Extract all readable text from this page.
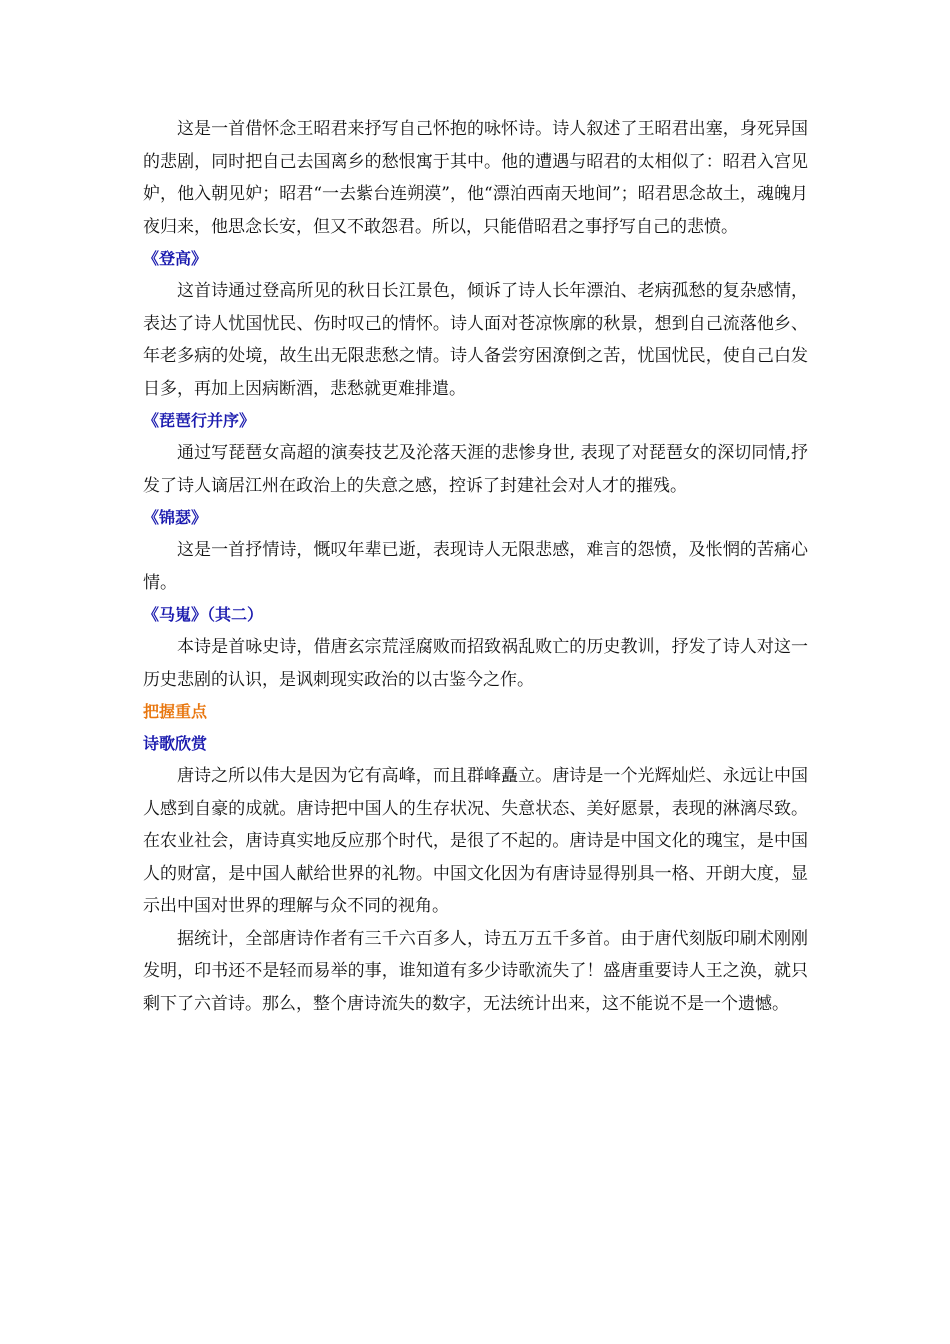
这是一首借怀念王昭君来抒写自己怀抱的咏怀诗。诗人叙述了王昭君出塞，身死异国的悲剧，同时把自己去国离乡的愁恨寓于其中。他的遭遇与昭君的太相似了：昭君入宫见妒，他入朝见妒；昭君“一去紫台连朔漠”，他“漂泊西南天地间”；昭君思念故土，魂魄月夜归来，他思念长安，但又不敢怨君。所以，只能借昭君之事抒写自己的悲愤。

《登高》

这首诗通过登高所见的秋日长江景色，倾诉了诗人长年漂泊、老病孤愁的复杂感情，表达了诗人忧国忧民、伤时叹己的情怀。诗人面对苍凉恢廓的秋景，想到自己流落他乡、年老多病的处境，故生出无限悲愁之情。诗人备尝穷困潦倒之苦，忧国忧民，使自己白发日多，再加上因病断酒，悲愁就更难排遣。

《琵琶行并序》

通过写琵琶女高超的演奏技艺及沦落天涯的悲惨身世, 表现了对琵琶女的深切同情,抒发了诗人谪居江州在政治上的失意之感，控诉了封建社会对人才的摧残。

《锦瑟》

这是一首抒情诗，慨叹年辈已逝，表现诗人无限悲感，难言的怨愤，及怅惘的苦痛心情。

《马嵬》（其二）

本诗是首咏史诗，借唐玄宗荒淫腐败而招致祸乱败亡的历史教训，抒发了诗人对这一历史悲剧的认识，是讽刺现实政治的以古鉴今之作。

把握重点

诗歌欣赏

唐诗之所以伟大是因为它有高峰，而且群峰矗立。唐诗是一个光辉灿烂、永远让中国人感到自豪的成就。唐诗把中国人的生存状况、失意状态、美好愿景，表现的淋漓尽致。在农业社会，唐诗真实地反应那个时代，是很了不起的。唐诗是中国文化的瑰宝，是中国人的财富，是中国人献给世界的礼物。中国文化因为有唐诗显得别具一格、开朗大度，显示出中国对世界的理解与众不同的视角。

据统计，全部唐诗作者有三千六百多人，诗五万五千多首。由于唐代刻版印刷术刚刚发明，印书还不是轻而易举的事，谁知道有多少诗歌流失了！盛唐重要诗人王之涣，就只剩下了六首诗。那么，整个唐诗流失的数字，无法统计出来，这不能说不是一个遗憾。
